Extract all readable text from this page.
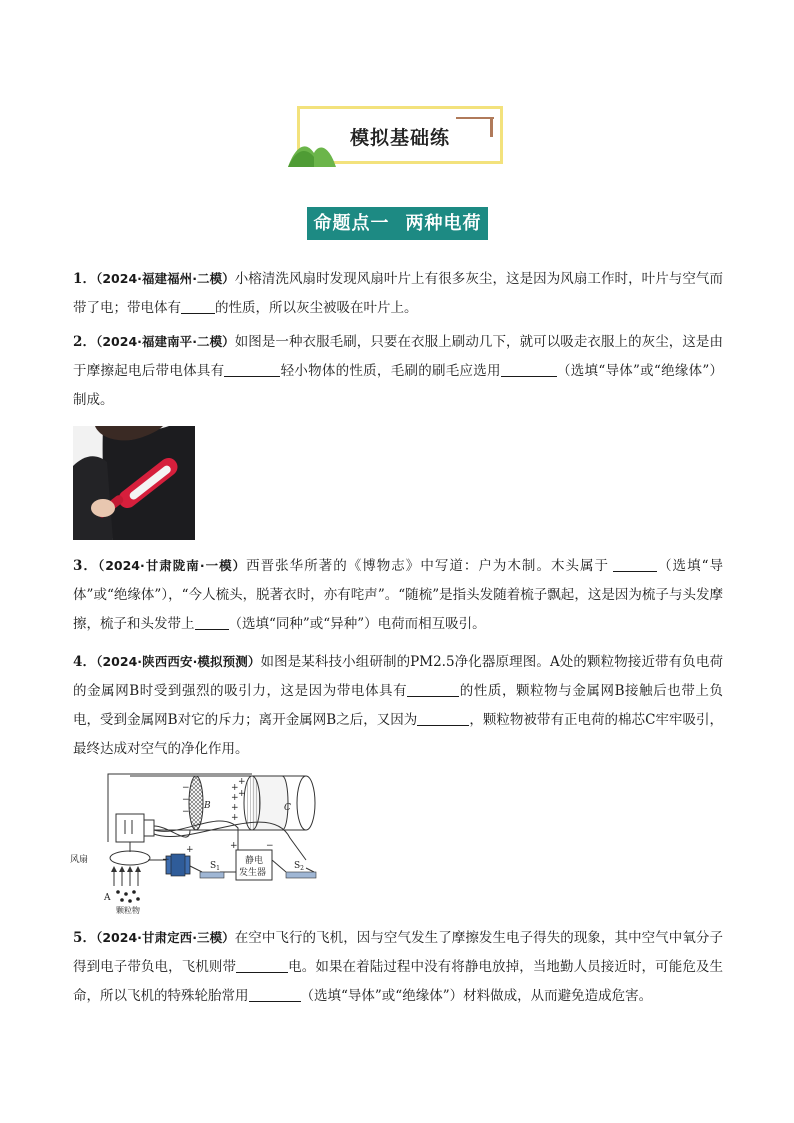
模拟基础练
命题点一 两种电荷
1．（2024·福建福州·二模）小榕清洗风扇时发现风扇叶片上有很多灰尘，这是因为风扇工作时，叶片与空气而带了电；带电体有	的性质，所以灰尘被吸在叶片上。
2．（2024·福建南平·二模）如图是一种衣服毛刷，只要在衣服上刷动几下，就可以吸走衣服上的灰尘，这是由于摩擦起电后带电体具有	轻小物体的性质，毛刷的刷毛应选用	（选填“导体”或“绝缘体”）制成。
3．（2024·甘肃陇南·一模）西晋张华所著的《博物志》中写道：户为木制。木头属于	（选填“导体”或“绝缘体”），“今人梳头，脱著衣时，亦有咤声”。“随梳”是指头发随着梳子飘起，这是因为梳子与头发摩擦，梳子和头发带上	（选填“同种”或“异种”）电荷而相互吸引。
4．（2024·陕西西安·模拟预测）如图是某科技小组研制的PM2.5净化器原理图。A处的颗粒物接近带有负电荷的金属网B时受到强烈的吸引力，这是因为带电体具有	的性质，颗粒物与金属网B接触后也带上负电，受到金属网B对它的斥力；离开金属网B之后，又因为	，颗粒物被带有正电荷的棉芯C牢牢吸引，最终达成对空气的净化作用。
−
−
−
+
+
+
+
+
+
−
+	+	−
风扇
A
颗粒物
B	C
静电
发生器
$S_1$	$S_2$
5．（2024·甘肃定西·三模）在空中飞行的飞机，因与空气发生了摩擦发生电子得失的现象，其中空气中氧分子得到电子带负电，飞机则带	电。如果在着陆过程中没有将静电放掉，当地勤人员接近时，可能危及生命，所以飞机的特殊轮胎常用	（选填“导体”或“绝缘体”）材料做成，从而避免造成危害。
